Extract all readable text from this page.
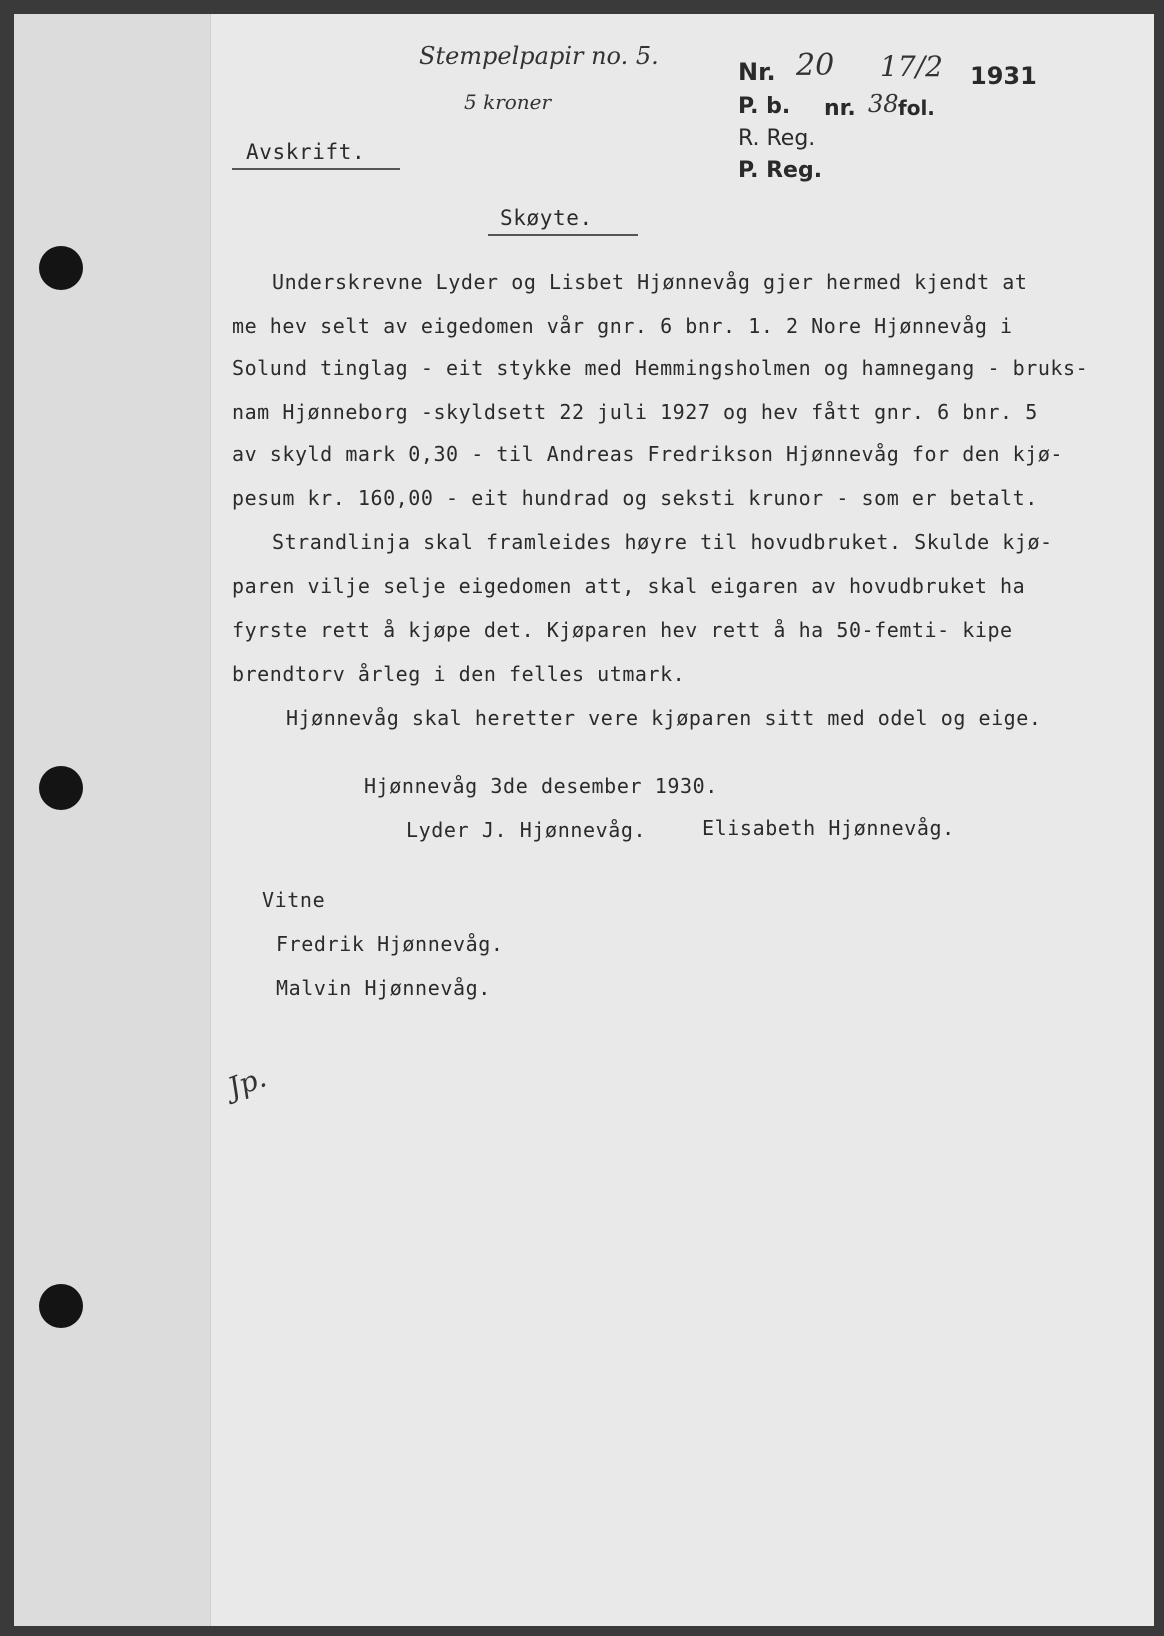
Stempelpapir no. 5.
5 kroner
Nr. 20 17/2 1931
P. b. nr. 38 fol.
R. Reg.
P. Reg.
Avskrift.
Skøyte.
Underskrevne Lyder og Lisbet Hjønnevåg gjer hermed kjendt at
me hev selt av eigedomen vår gnr. 6 bnr. 1. 2 Nore Hjønnevåg i
Solund tinglag - eit stykke med Hemmingsholmen og hamnegang - bruks-
nam Hjønneborg -skyldsett 22 juli 1927 og hev fått gnr. 6 bnr. 5
av skyld mark 0,30 - til Andreas Fredrikson Hjønnevåg for den kjø-
pesum kr. 160,00 - eit hundrad og seksti krunor - som er betalt.
Strandlinja skal framleides høyre til hovudbruket. Skulde kjø-
paren vilje selje eigedomen att, skal eigaren av hovudbruket ha
fyrste rett å kjøpe det. Kjøparen hev rett å ha 50-femti- kipe
brendtorv årleg i den felles utmark.
Hjønnevåg skal heretter vere kjøparen sitt med odel og eige.
Hjønnevåg 3de desember 1930.
Lyder J. Hjønnevåg.	Elisabeth Hjønnevåg.
Vitne
Fredrik Hjønnevåg.
Malvin Hjønnevåg.
Jp.
